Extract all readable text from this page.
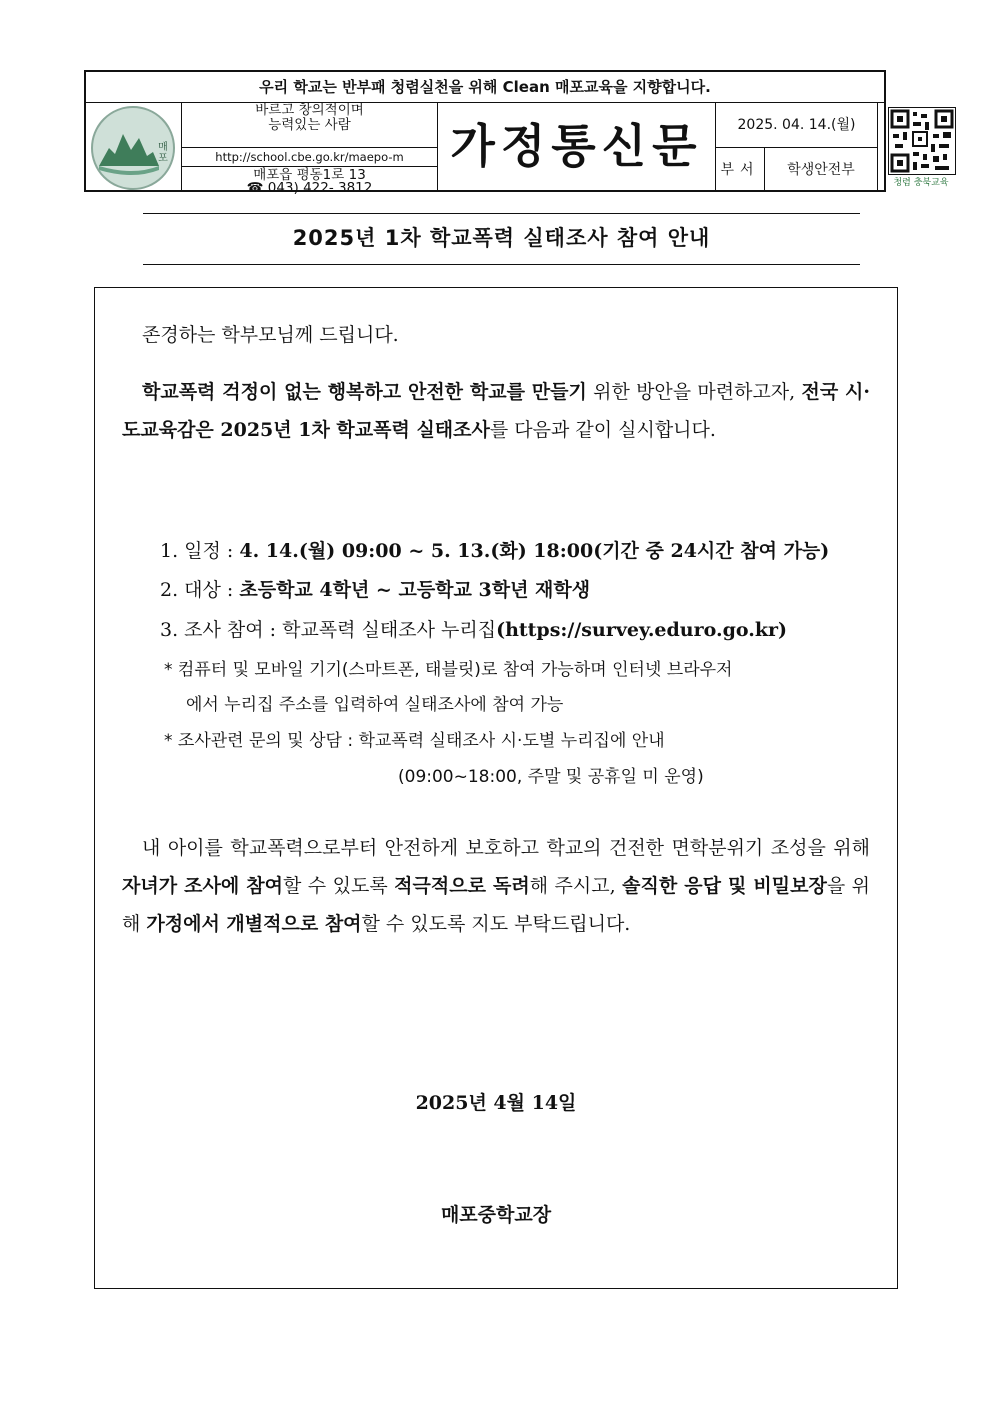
우리 학교는 반부패 청렴실천을 위해 Clean 매포교육을 지향합니다.
매포
바르고 창의적이며
능력있는 사람
http://school.cbe.go.kr/maepo-m
매포읍 평동1로 13
☎ 043) 422- 3812
가정통신문	2025. 04. 14.(월)
부서	학생안전부
청렴 충북교육
2025년 1차 학교폭력 실태조사 참여 안내
존경하는 학부모님께 드립니다.
학교폭력 걱정이 없는 행복하고 안전한 학교를 만들기 위한 방안을 마련하고자, 전국 시·도교육감은 2025년 1차 학교폭력 실태조사를 다음과 같이 실시합니다.
1. 일정 : 4. 14.(월) 09:00 ~ 5. 13.(화) 18:00(기간 중 24시간 참여 가능)
2. 대상 : 초등학교 4학년 ~ 고등학교 3학년 재학생
3. 조사 참여 : 학교폭력 실태조사 누리집(https://survey.eduro.go.kr)
* 컴퓨터 및 모바일 기기(스마트폰, 태블릿)로 참여 가능하며 인터넷 브라우저
에서 누리집 주소를 입력하여 실태조사에 참여 가능
* 조사관련 문의 및 상담 : 학교폭력 실태조사 시·도별 누리집에 안내
(09:00~18:00, 주말 및 공휴일 미 운영)
내 아이를 학교폭력으로부터 안전하게 보호하고 학교의 건전한 면학분위기 조성을 위해 자녀가 조사에 참여할 수 있도록 적극적으로 독려해 주시고, 솔직한 응답 및 비밀보장을 위해 가정에서 개별적으로 참여할 수 있도록 지도 부탁드립니다.
2025년 4월 14일
매포중학교장
